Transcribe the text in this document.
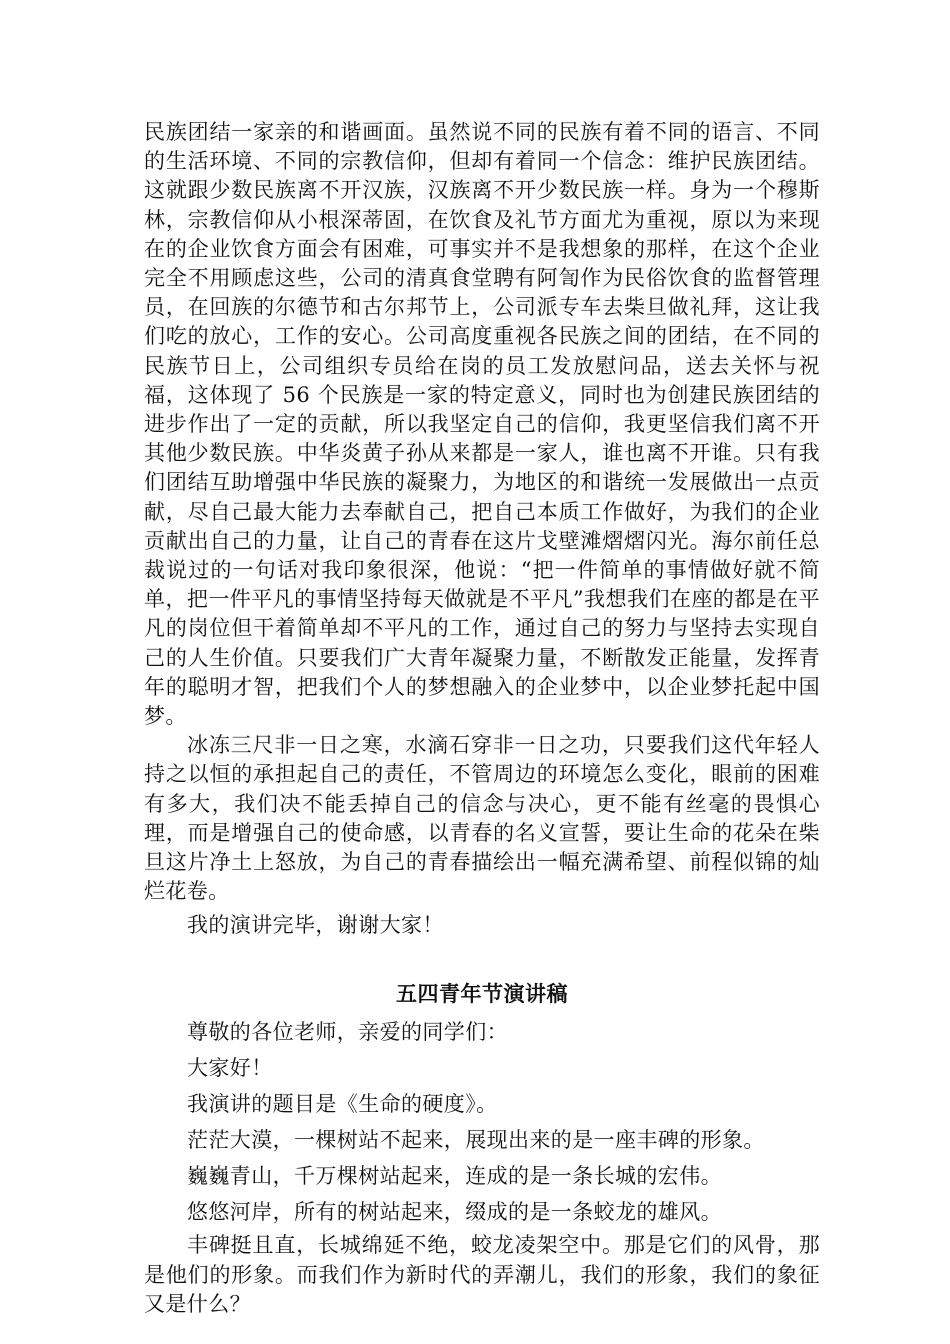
民族团结一家亲的和谐画面。虽然说不同的民族有着不同的语言、不同的生活环境、不同的宗教信仰，但却有着同一个信念：维护民族团结。这就跟少数民族离不开汉族，汉族离不开少数民族一样。身为一个穆斯林，宗教信仰从小根深蒂固，在饮食及礼节方面尤为重视，原以为来现在的企业饮食方面会有困难，可事实并不是我想象的那样，在这个企业完全不用顾虑这些，公司的清真食堂聘有阿訇作为民俗饮食的监督管理员，在回族的尔德节和古尔邦节上，公司派专车去柴旦做礼拜，这让我们吃的放心，工作的安心。公司高度重视各民族之间的团结，在不同的民族节日上，公司组织专员给在岗的员工发放慰问品，送去关怀与祝福，这体现了 56 个民族是一家的特定意义，同时也为创建民族团结的进步作出了一定的贡献，所以我坚定自己的信仰，我更坚信我们离不开其他少数民族。中华炎黄子孙从来都是一家人，谁也离不开谁。只有我们团结互助增强中华民族的凝聚力，为地区的和谐统一发展做出一点贡献，尽自己最大能力去奉献自己，把自己本质工作做好，为我们的企业贡献出自己的力量，让自己的青春在这片戈壁滩熠熠闪光。海尔前任总裁说过的一句话对我印象很深，他说：“把一件简单的事情做好就不简单，把一件平凡的事情坚持每天做就是不平凡”我想我们在座的都是在平凡的岗位但干着简单却不平凡的工作，通过自己的努力与坚持去实现自己的人生价值。只要我们广大青年凝聚力量，不断散发正能量，发挥青年的聪明才智，把我们个人的梦想融入的企业梦中，以企业梦托起中国梦。

冰冻三尺非一日之寒，水滴石穿非一日之功，只要我们这代年轻人持之以恒的承担起自己的责任，不管周边的环境怎么变化，眼前的困难有多大，我们决不能丢掉自己的信念与决心，更不能有丝毫的畏惧心理，而是增强自己的使命感，以青春的名义宣誓，要让生命的花朵在柴旦这片净土上怒放，为自己的青春描绘出一幅充满希望、前程似锦的灿烂花卷。

我的演讲完毕，谢谢大家！

五四青年节演讲稿

尊敬的各位老师，亲爱的同学们：

大家好！

我演讲的题目是《生命的硬度》。

茫茫大漠，一棵树站不起来，展现出来的是一座丰碑的形象。

巍巍青山，千万棵树站起来，连成的是一条长城的宏伟。

悠悠河岸，所有的树站起来，缀成的是一条蛟龙的雄风。

丰碑挺且直，长城绵延不绝，蛟龙凌架空中。那是它们的风骨，那是他们的形象。而我们作为新时代的弄潮儿，我们的形象，我们的象征又是什么？
